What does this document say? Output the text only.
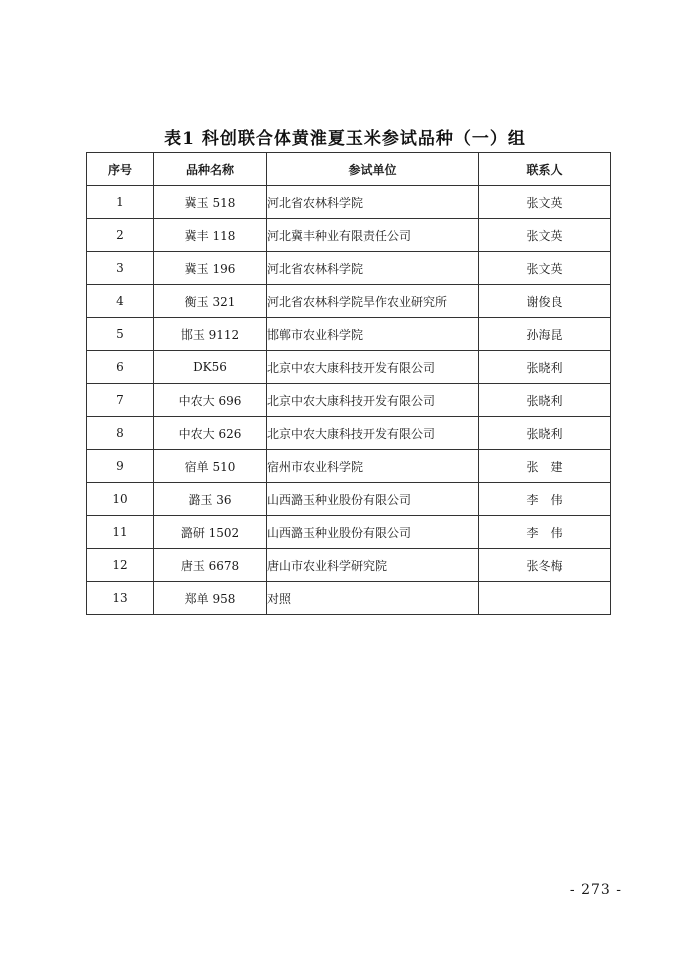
表1 科创联合体黄淮夏玉米参试品种（一）组
序号	品种名称	参试单位	联系人
1	冀玉 518	河北省农林科学院	张文英
2	冀丰 118	河北冀丰种业有限责任公司	张文英
3	冀玉 196	河北省农林科学院	张文英
4	衡玉 321	河北省农林科学院旱作农业研究所	谢俊良
5	邯玉 9112	邯郸市农业科学院	孙海昆
6	DK56	北京中农大康科技开发有限公司	张晓利
7	中农大 696	北京中农大康科技开发有限公司	张晓利
8	中农大 626	北京中农大康科技开发有限公司	张晓利
9	宿单 510	宿州市农业科学院	张　建
10	潞玉 36	山西潞玉种业股份有限公司	李　伟
11	潞研 1502	山西潞玉种业股份有限公司	李　伟
12	唐玉 6678	唐山市农业科学研究院	张冬梅
13	郑单 958	对照	
- 273 -
